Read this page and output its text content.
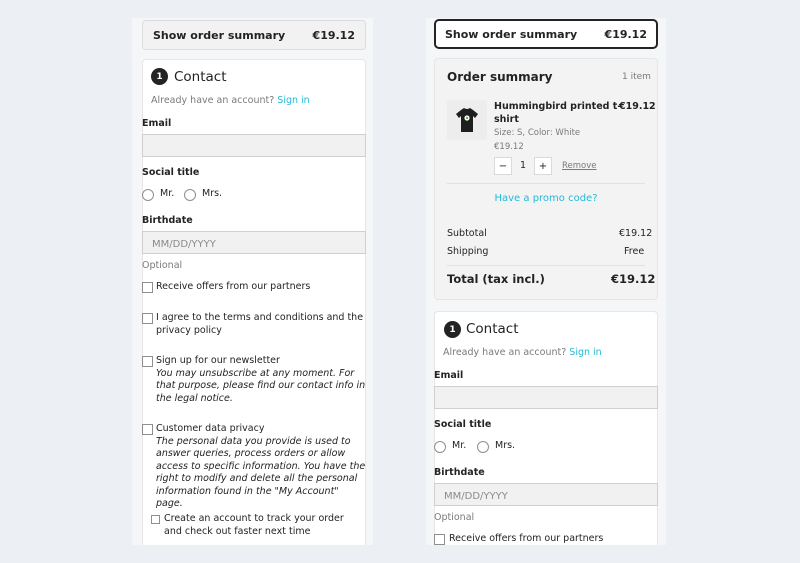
Show order summary €19.12
1 Contact
Already have an account? Sign in
Email
Social title
Mr.	Mrs.
Birthdate
MM/DD/YYYY
Optional
Receive offers from our partners
I agree to the terms and conditions and the
privacy policy
Sign up for our newsletter
You may unsubscribe at any moment. For that purpose, please find our contact info in the legal notice.
Customer data privacy
The personal data you provide is used to answer queries, process orders or allow access to specific information. You have the right to modify and delete all the personal information found in the "My Account" page.
Create an account to track your order and check out faster next time
Show order summary €19.12
Order summary	1 item
Hummingbird printed t-
shirt
€19.12
Size: S, Color: White
€19.12
−	1	+	Remove
Have a promo code?
Subtotal	€19.12
Shipping	Free
Total (tax incl.)	€19.12
1 Contact
Already have an account? Sign in
Email
Social title
Mr.	Mrs.
Birthdate
MM/DD/YYYY
Optional
Receive offers from our partners
